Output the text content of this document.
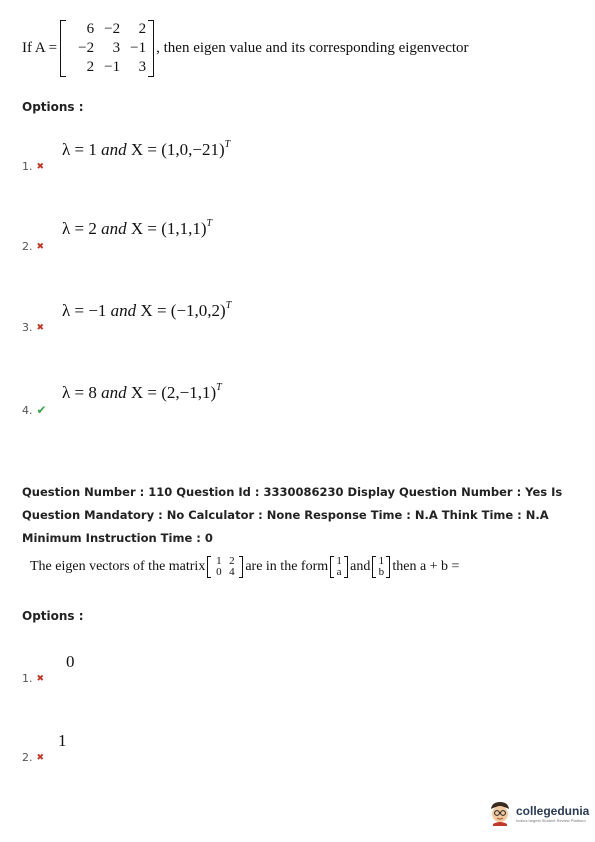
If A =
6 −2	2
−2	3 −1
2 −1	3
, then eigen value and its corresponding eigenvector
Options :
λ = 1 and $X = (1,0,-21)^T$
1. ✖
λ = 2 and $X = (1,1,1)^T$
2. ✖
λ = −1 and $X = (-1,0,2)^T$
3. ✖
λ = 8 and $X = (2,-1,1)^T$
4. ✔
Question Number : 110 Question Id : 3330086230 Display Question Number : Yes Is Question Mandatory : No Calculator : None Response Time : N.A Think Time : N.A Minimum Instruction Time : 0
The eigen vectors of the matrix 1 2
0 4 are in the form 1
a and 1
b then a + b =
Options :
0
1. ✖
1
2. ✖
collegedunia
India's largest Student Review Platform
